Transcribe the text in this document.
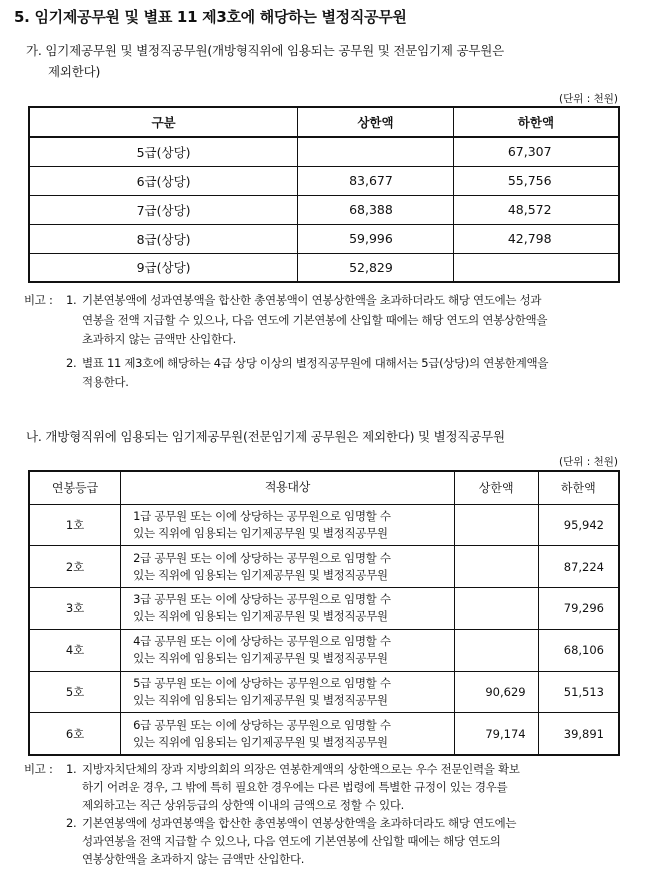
5. 임기제공무원 및 별표 11 제3호에 해당하는 별정직공무원
가. 임기제공무원 및 별정직공무원(개방형직위에 임용되는 공무원 및 전문임기제 공무원은
제외한다)
(단위 : 천원)
구분	상한액	하한액
5급(상당)		67,307
6급(상당)	83,677	55,756
7급(상당)	68,388	48,572
8급(상당)	59,996	42,798
9급(상당)	52,829	
비고 :	1. 기본연봉액에 성과연봉액을 합산한 총연봉액이 연봉상한액을 초과하더라도 해당 연도에는 성과
연봉을 전액 지급할 수 있으나, 다음 연도에 기본연봉에 산입할 때에는 해당 연도의 연봉상한액을
초과하지 않는 금액만 산입한다.
2. 별표 11 제3호에 해당하는 4급 상당 이상의 별정직공무원에 대해서는 5급(상당)의 연봉한계액을
적용한다.
나. 개방형직위에 임용되는 임기제공무원(전문임기제 공무원은 제외한다) 및 별정직공무원
(단위 : 천원)
연봉등급	적용대상	상한액	하한액
1호	1급 공무원 또는 이에 상당하는 공무원으로 임명할 수
있는 직위에 임용되는 임기제공무원 및 별정직공무원		95,942
2호	2급 공무원 또는 이에 상당하는 공무원으로 임명할 수
있는 직위에 임용되는 임기제공무원 및 별정직공무원		87,224
3호	3급 공무원 또는 이에 상당하는 공무원으로 임명할 수
있는 직위에 임용되는 임기제공무원 및 별정직공무원		79,296
4호	4급 공무원 또는 이에 상당하는 공무원으로 임명할 수
있는 직위에 임용되는 임기제공무원 및 별정직공무원		68,106
5호	5급 공무원 또는 이에 상당하는 공무원으로 임명할 수
있는 직위에 임용되는 임기제공무원 및 별정직공무원	90,629	51,513
6호	6급 공무원 또는 이에 상당하는 공무원으로 임명할 수
있는 직위에 임용되는 임기제공무원 및 별정직공무원	79,174	39,891
비고 :	1. 지방자치단체의 장과 지방의회의 의장은 연봉한계액의 상한액으로는 우수 전문인력을 확보
하기 어려운 경우, 그 밖에 특히 필요한 경우에는 다른 법령에 특별한 규정이 있는 경우를
제외하고는 직근 상위등급의 상한액 이내의 금액으로 정할 수 있다.
2. 기본연봉액에 성과연봉액을 합산한 총연봉액이 연봉상한액을 초과하더라도 해당 연도에는
성과연봉을 전액 지급할 수 있으나, 다음 연도에 기본연봉에 산입할 때에는 해당 연도의
연봉상한액을 초과하지 않는 금액만 산입한다.
